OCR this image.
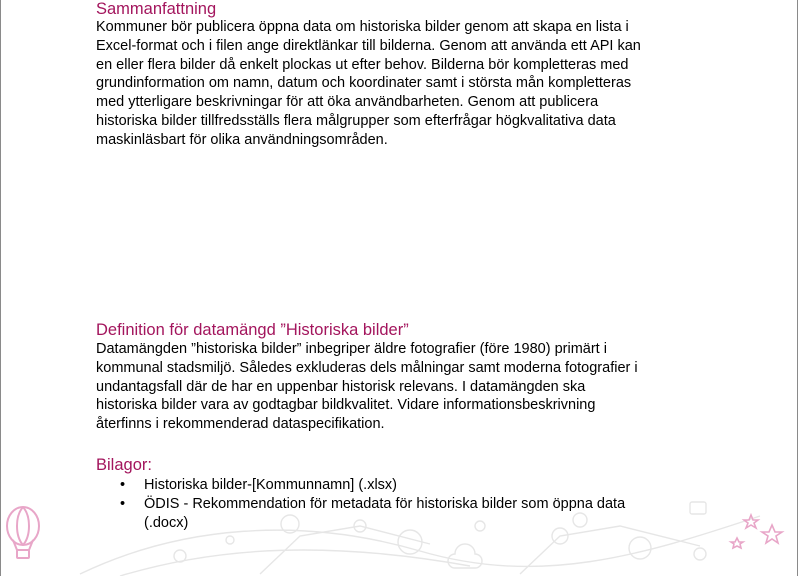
Sammanfattning
Kommuner bör publicera öppna data om historiska bilder genom att skapa en lista i
Excel-format och i filen ange direktlänkar till bilderna. Genom att använda ett API kan
en eller flera bilder då enkelt plockas ut efter behov. Bilderna bör kompletteras med
grundinformation om namn, datum och koordinater samt i största mån kompletteras
med ytterligare beskrivningar för att öka användbarheten. Genom att publicera
historiska bilder tillfredsställs flera målgrupper som efterfrågar högkvalitativa data
maskinläsbart för olika användningsområden.
Definition för datamängd ”Historiska bilder”
Datamängden ”historiska bilder” inbegriper äldre fotografier (före 1980) primärt i
kommunal stadsmiljö. Således exkluderas dels målningar samt moderna fotografier i
undantagsfall där de har en uppenbar historisk relevans. I datamängden ska
historiska bilder vara av godtagbar bildkvalitet. Vidare informationsbeskrivning
återfinns i rekommenderad dataspecifikation.
Bilagor:
• Historiska bilder-[Kommunnamn] (.xlsx)
• ÖDIS - Rekommendation för metadata för historiska bilder som öppna data
(.docx)
